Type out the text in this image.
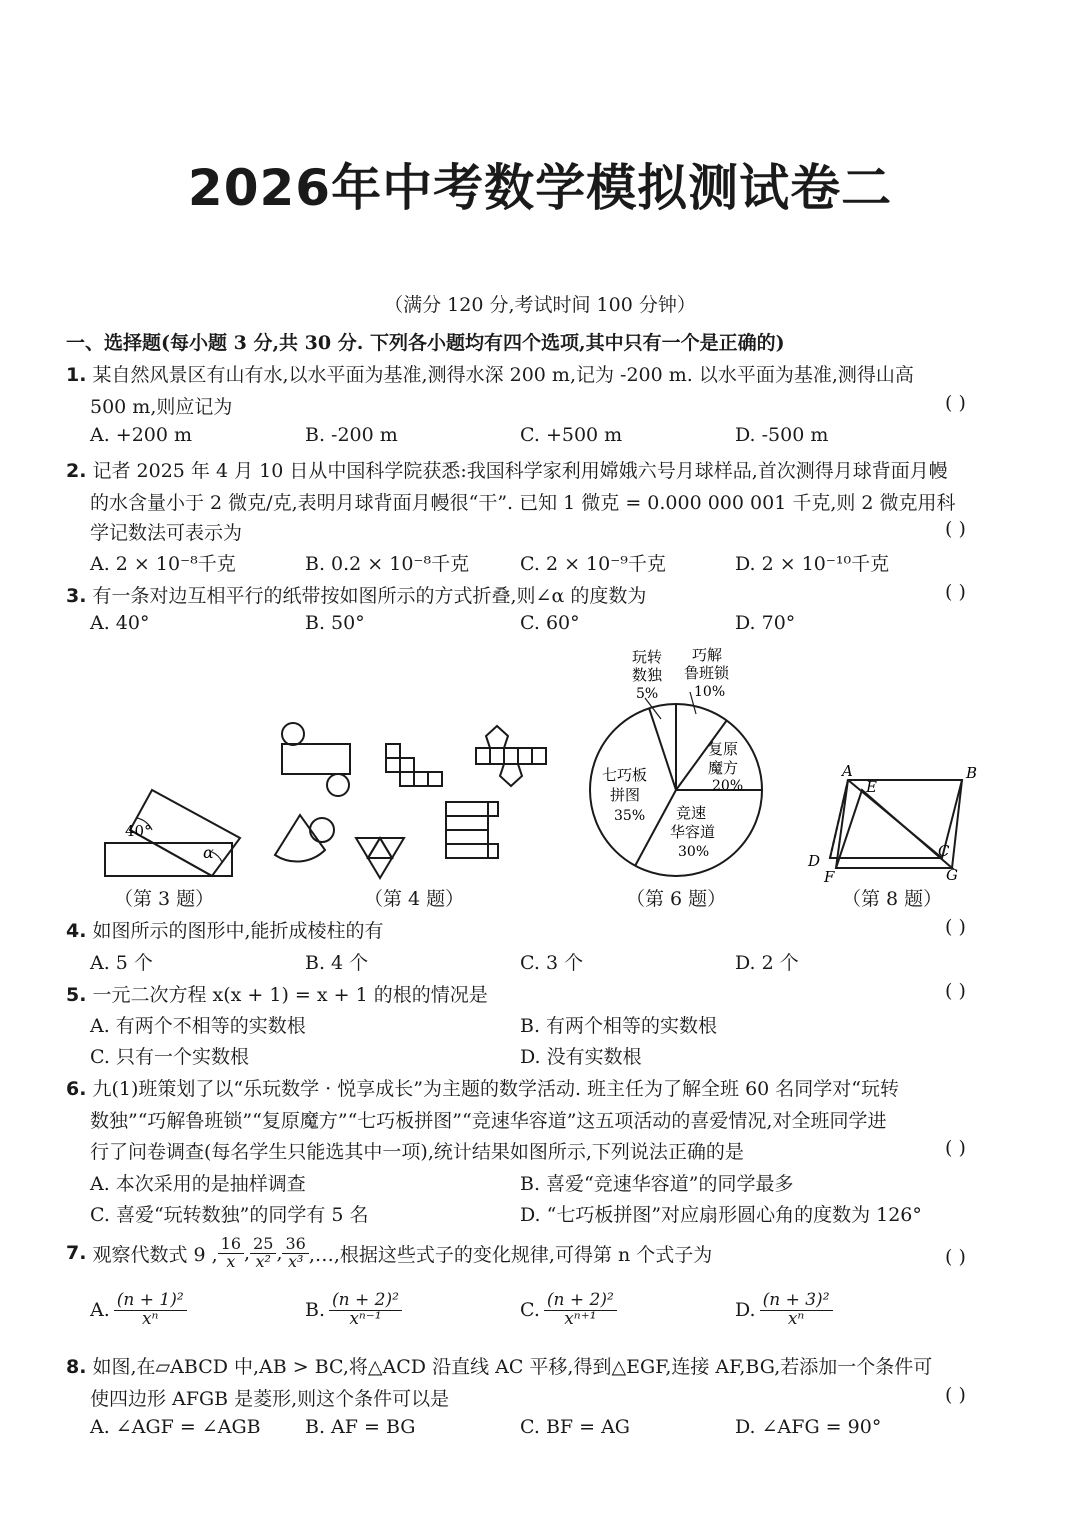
2026年中考数学模拟测试卷二
（满分 120 分,考试时间 100 分钟）
一、选择题(每小题 3 分,共 30 分. 下列各小题均有四个选项,其中只有一个是正确的)
1. 某自然风景区有山有水,以水平面为基准,测得水深 200 m,记为 -200 m. 以水平面为基准,测得山高
500 m,则应记为	( )
A. +200 m	B. -200 m	C. +500 m	D. -500 m
2. 记者 2025 年 4 月 10 日从中国科学院获悉:我国科学家利用嫦娥六号月球样品,首次测得月球背面月幔
的水含量小于 2 微克/克,表明月球背面月幔很“干”. 已知 1 微克 = 0.000 000 001 千克,则 2 微克用科
学记数法可表示为	( )
A. 2 × 10⁻⁸千克	B. 0.2 × 10⁻⁸千克	C. 2 × 10⁻⁹千克	D. 2 × 10⁻¹⁰千克
3. 有一条对边互相平行的纸带按如图所示的方式折叠,则∠α 的度数为	( )
A. 40°	B. 50°	C. 60°	D. 70°
40°
α
玩转
数独
5%
巧解
鲁班锁
10%
复原
魔方
20%
七巧板
拼图
35% 竞速
华容道
30%
A	B
C
D
E
F	G
（第 3 题）	（第 4 题）	（第 6 题）	（第 8 题）
4. 如图所示的图形中,能折成棱柱的有	( )
A. 5 个	B. 4 个	C. 3 个	D. 2 个
5. 一元二次方程 x(x + 1) = x + 1 的根的情况是	( )
A. 有两个不相等的实数根	B. 有两个相等的实数根
C. 只有一个实数根	D. 没有实数根
6. 九(1)班策划了以“乐玩数学 · 悦享成长”为主题的数学活动. 班主任为了解全班 60 名同学对“玩转
数独”“巧解鲁班锁”“复原魔方”“七巧板拼图”“竞速华容道”这五项活动的喜爱情况,对全班同学进
行了问卷调查(每名学生只能选其中一项),统计结果如图所示,下列说法正确的是	( )
A. 本次采用的是抽样调查	B. 喜爱“竞速华容道”的同学最多
C. 喜爱“玩转数独”的同学有 5 名	D. “七巧板拼图”对应扇形圆心角的度数为 126°
7. 观察代数式 9 , $\frac{16}{x}$ , $\frac{25}{\text{x²}}$ , $\frac{36}{\text{x³}}$ ,…,根据这些式子的变化规律,可得第 n 个式子为	( )
A. $\frac{\text{(n + 1)²}}{\text{xⁿ}}$	B. $\frac{\text{(n + 2)²}}{\text{xⁿ⁻¹}}$	C. $\frac{\text{(n + 2)²}}{\text{xⁿ⁺¹}}$	D. $\frac{\text{(n + 3)²}}{\text{xⁿ}}$
8. 如图,在▱ABCD 中,AB > BC,将△ACD 沿直线 AC 平移,得到△EGF,连接 AF,BG,若添加一个条件可
使四边形 AFGB 是菱形,则这个条件可以是	( )
A. ∠AGF = ∠AGB B. AF = BG	C. BF = AG	D. ∠AFG = 90°
